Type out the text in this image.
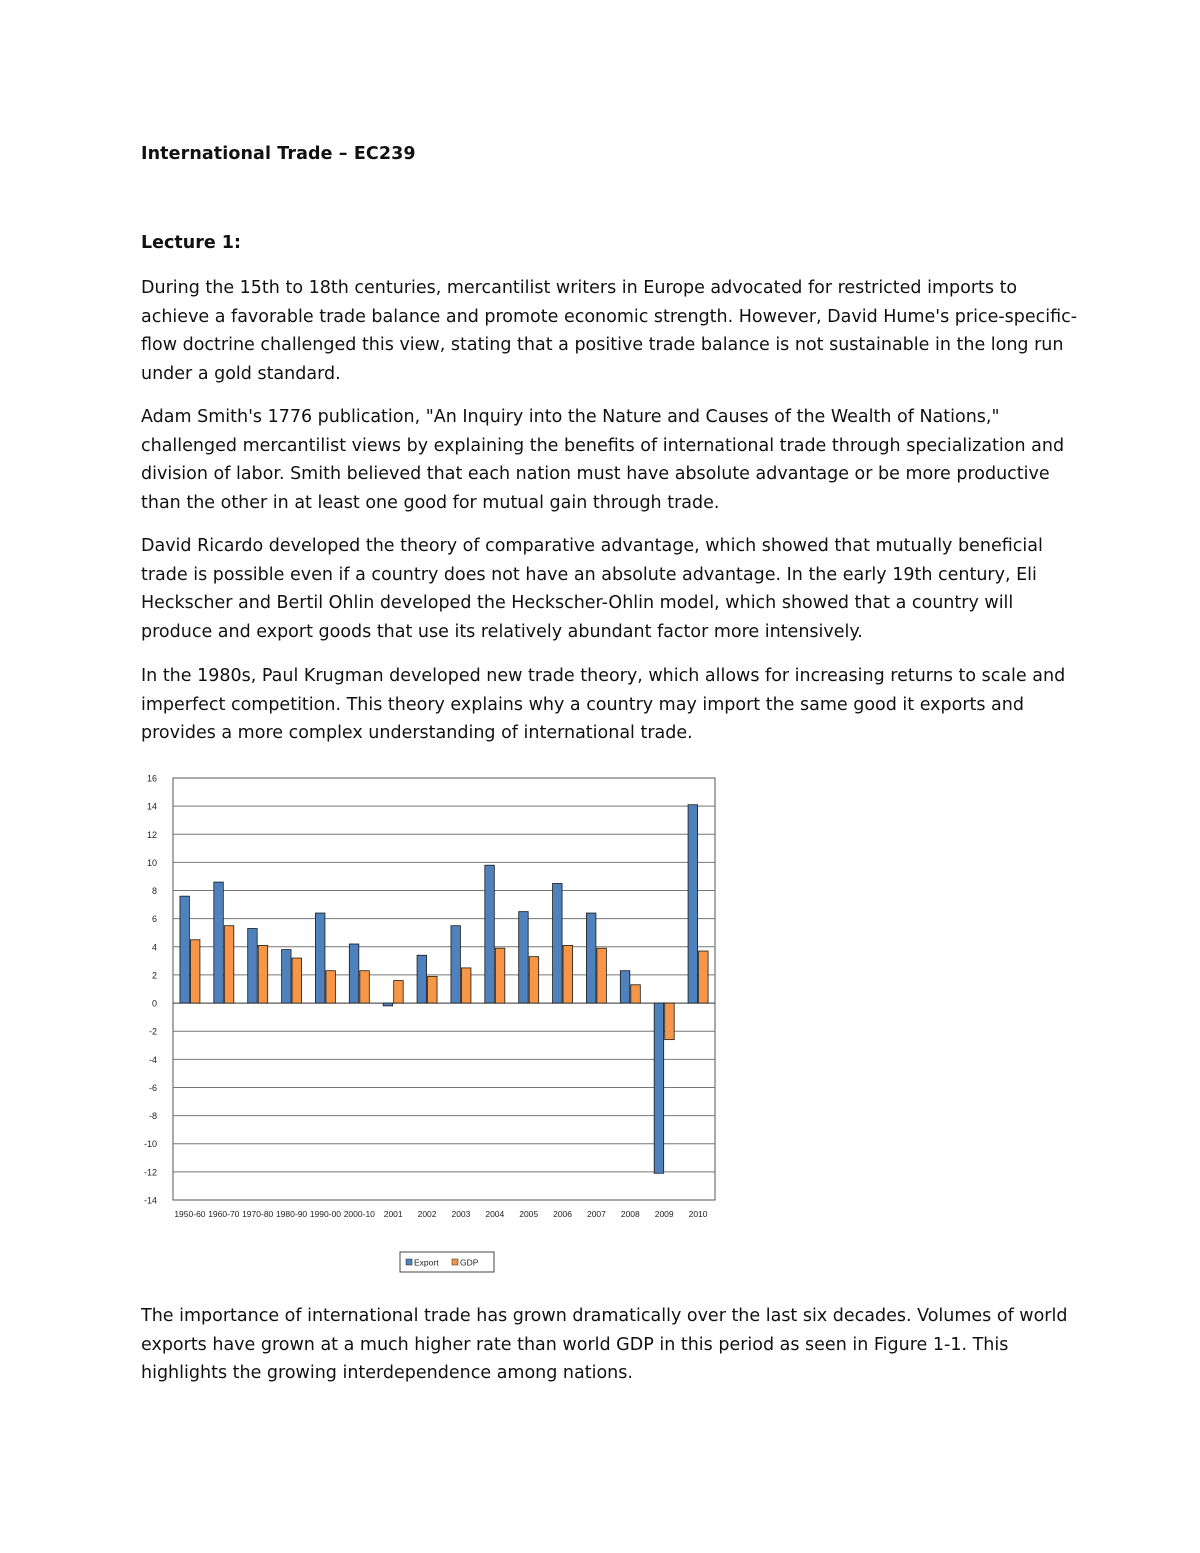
International Trade – EC239
Lecture 1:

During the 15th to 18th centuries, mercantilist writers in Europe advocated for restricted imports to achieve a favorable trade balance and promote economic strength. However, David Hume's price-specific-flow doctrine challenged this view, stating that a positive trade balance is not sustainable in the long run under a gold standard.

Adam Smith's 1776 publication, "An Inquiry into the Nature and Causes of the Wealth of Nations," challenged mercantilist views by explaining the benefits of international trade through specialization and division of labor. Smith believed that each nation must have absolute advantage or be more productive than the other in at least one good for mutual gain through trade.

David Ricardo developed the theory of comparative advantage, which showed that mutually beneficial trade is possible even if a country does not have an absolute advantage. In the early 19th century, Eli Heckscher and Bertil Ohlin developed the Heckscher-Ohlin model, which showed that a country will produce and export goods that use its relatively abundant factor more intensively.

In the 1980s, Paul Krugman developed new trade theory, which allows for increasing returns to scale and imperfect competition. This theory explains why a country may import the same good it exports and provides a more complex understanding of international trade.

16
14
12
10
8
6
4
2
0
-2
-4
-6
-8
-10
-12
-14
1950-60 1960-70 1970-80 1980-90 1990-00 2000-10 2001 2002 2003 2004 2005 2006 2007 2008 2009 2010
Export	GDP

The importance of international trade has grown dramatically over the last six decades. Volumes of world exports have grown at a much higher rate than world GDP in this period as seen in Figure 1-1. This highlights the growing interdependence among nations.
